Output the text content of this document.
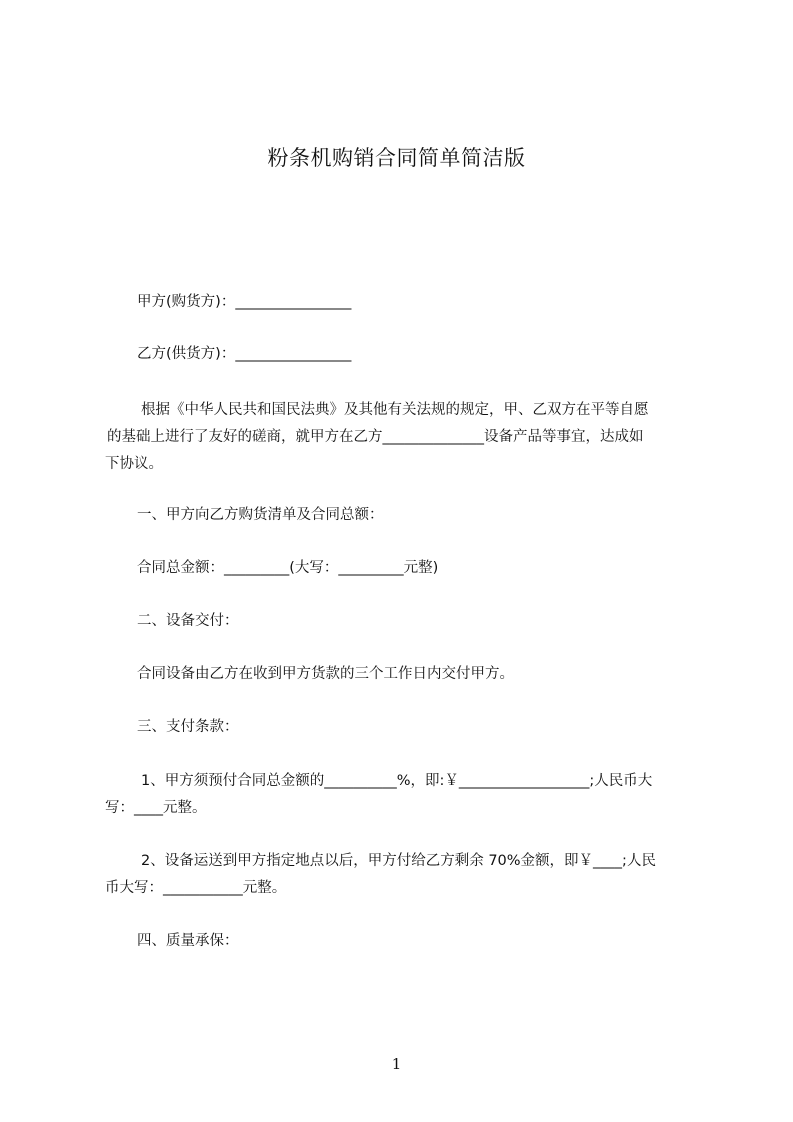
粉条机购销合同简单简洁版
甲方(购货方)：________________
乙方(供货方)：________________
根据《中华人民共和国民法典》及其他有关法规的规定，甲、乙双方在平等自愿
的基础上进行了友好的磋商，就甲方在乙方______________设备产品等事宜，达成如
下协议。
一、甲方向乙方购货清单及合同总额：
合同总金额：_________(大写：_________元整)
二、设备交付：
合同设备由乙方在收到甲方货款的三个工作日内交付甲方。
三、支付条款：
1、甲方须预付合同总金额的__________%，即:￥__________________;人民币大
写：____元整。
2、设备运送到甲方指定地点以后，甲方付给乙方剩余 70%金额，即￥____;人民
币大写：___________元整。
四、质量承保：
1
